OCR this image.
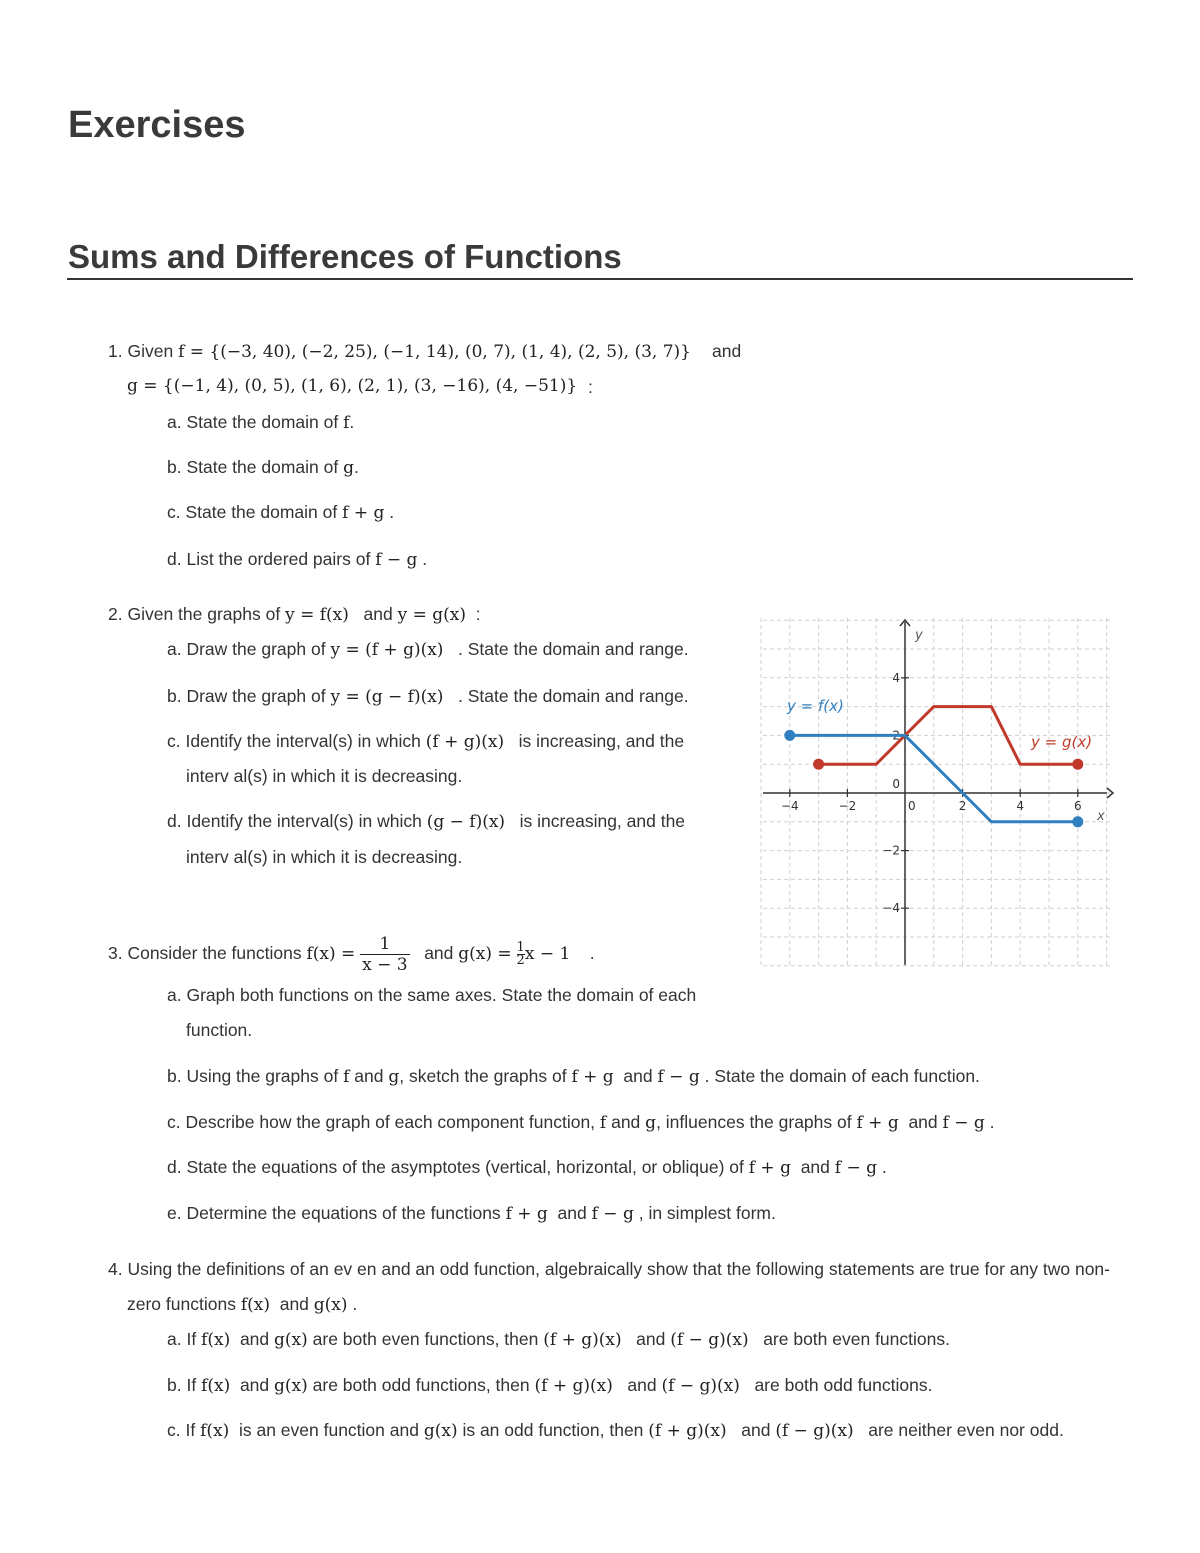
Exercises
Sums and Differences of Functions
1. Given f = {(−3, 40), (−2, 25), (−1, 14), (0, 7), (1, 4), (2, 5), (3, 7)} and
g = {(−1, 4), (0, 5), (1, 6), (2, 1), (3, −16), (4, −51)} :
a. State the domain of f.
b. State the domain of g.
c. State the domain of f + g .
d. List the ordered pairs of f − g .
2. Given the graphs of y = f(x) and y = g(x) :
a. Draw the graph of y = (f + g)(x) . State the domain and range.
b. Draw the graph of y = (g − f)(x) . State the domain and range.
c. Identify the interval(s) in which (f + g)(x) is increasing, and the
interv al(s) in which it is decreasing.
d. Identify the interval(s) in which (g − f)(x) is increasing, and the
interv al(s) in which it is decreasing.
−4	−2	0	2	4	6
4
2
0
−2
−4
x
y
y = f(x)
y = g(x)
3. Consider the functions $f(x) = \frac{1}{x - 3}$ and $g(x) = \frac{1}{2}$ x − 1 .
a. Graph both functions on the same axes. State the domain of each
function.
b. Using the graphs of f and g, sketch the graphs of f + g and f − g . State the domain of each function.
c. Describe how the graph of each component function, f and g, influences the graphs of f + g and f − g .
d. State the equations of the asymptotes (vertical, horizontal, or oblique) of f + g and f − g .
e. Determine the equations of the functions f + g and f − g , in simplest form.
4. Using the definitions of an ev en and an odd function, algebraically show that the following statements are true for any two non-
zero functions f(x) and g(x) .
a. If f(x) and g(x) are both even functions, then (f + g)(x) and (f − g)(x) are both even functions.
b. If f(x) and g(x) are both odd functions, then (f + g)(x) and (f − g)(x) are both odd functions.
c. If f(x) is an even function and g(x) is an odd function, then (f + g)(x) and (f − g)(x) are neither even nor odd.
